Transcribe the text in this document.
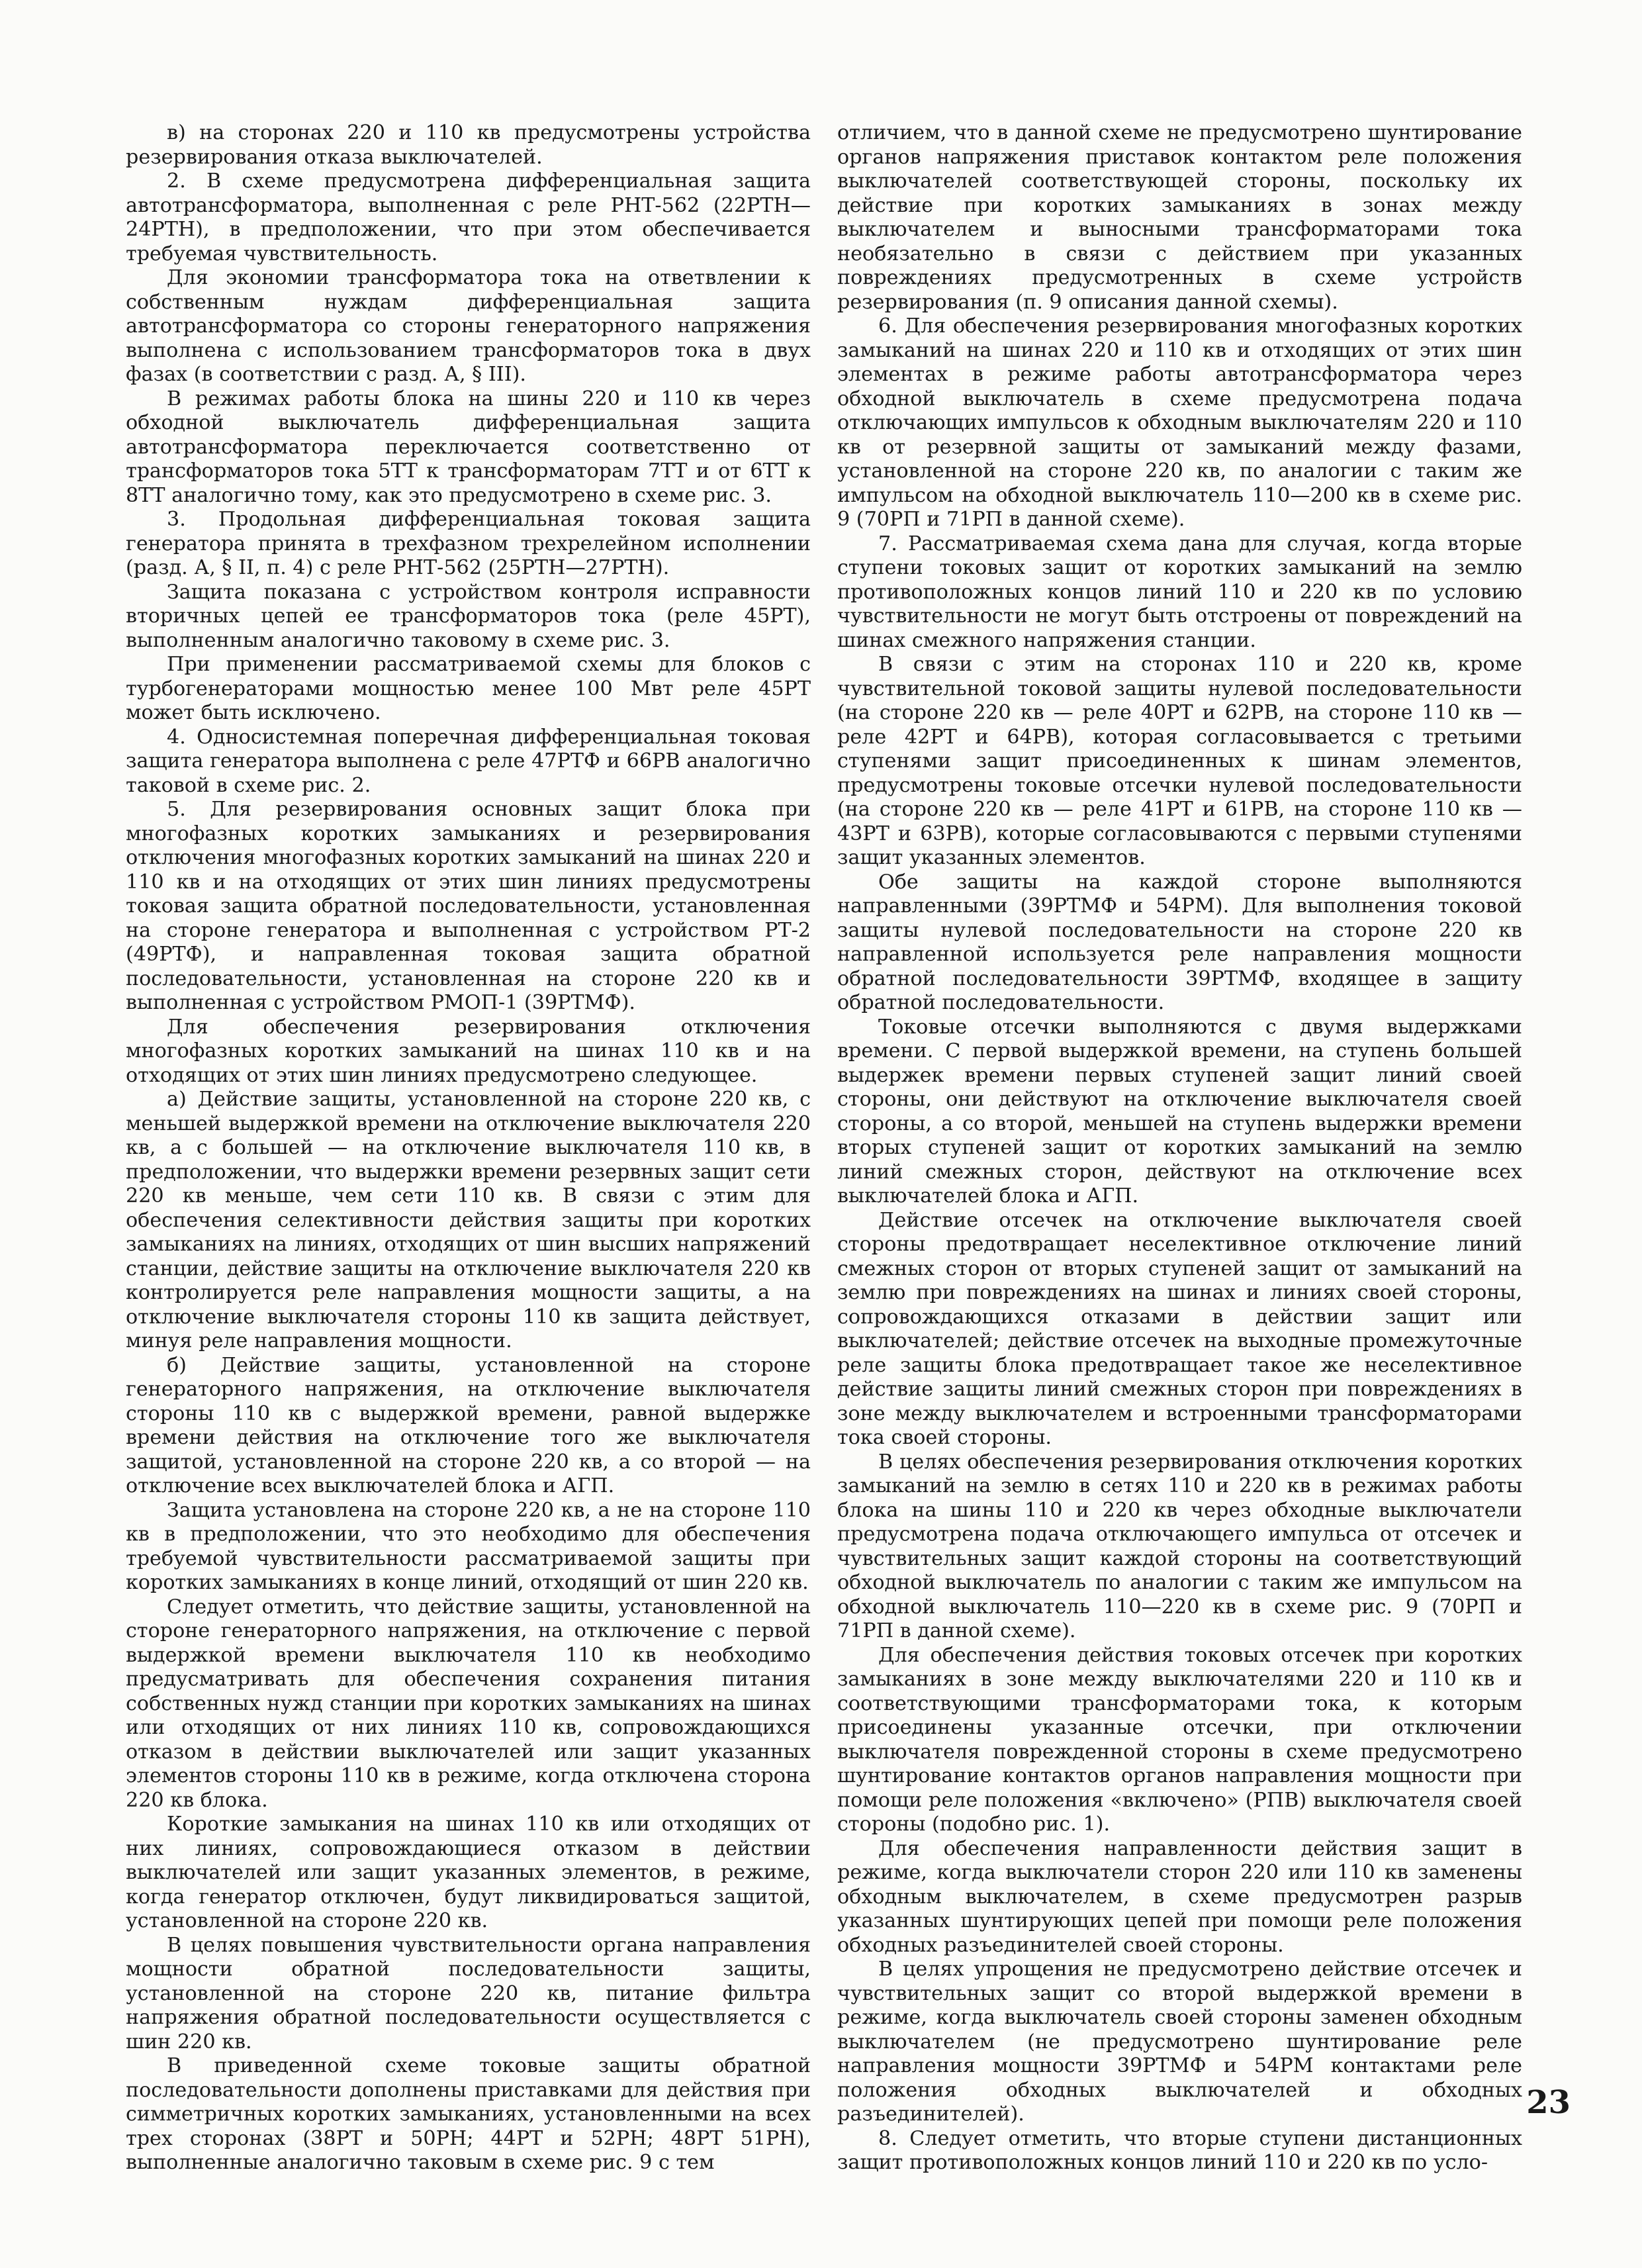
в) на сторонах 220 и 110 кв предусмотрены устройства резервирования отказа выключателей.

2. В схеме предусмотрена дифференциальная защита автотрансформатора, выполненная с реле РНТ-562 (22РТН—24РТН), в предположении, что при этом обеспечивается требуемая чувствительность.

Для экономии трансформатора тока на ответвлении к собственным нуждам дифференциальная защита автотрансформатора со стороны генераторного напряжения выполнена с использованием трансформаторов тока в двух фазах (в соответствии с разд. А, § III).

В режимах работы блока на шины 220 и 110 кв через обходной выключатель дифференциальная защита автотрансформатора переключается соответственно от трансформаторов тока 5ТТ к трансформаторам 7ТТ и от 6ТТ к 8ТТ аналогично тому, как это предусмотрено в схеме рис. 3.

3. Продольная дифференциальная токовая защита генератора принята в трехфазном трехрелейном исполнении (разд. А, § II, п. 4) с реле РНТ-562 (25РТН—27РТН).

Защита показана с устройством контроля исправности вторичных цепей ее трансформаторов тока (реле 45РТ), выполненным аналогично таковому в схеме рис. 3.

При применении рассматриваемой схемы для блоков с турбогенераторами мощностью менее 100 Мвт реле 45РТ может быть исключено.

4. Односистемная поперечная дифференциальная токовая защита генератора выполнена с реле 47РТФ и 66РВ аналогично таковой в схеме рис. 2.

5. Для резервирования основных защит блока при многофазных коротких замыканиях и резервирования отключения многофазных коротких замыканий на шинах 220 и 110 кв и на отходящих от этих шин линиях предусмотрены токовая защита обратной последовательности, установленная на стороне генератора и выполненная с устройством РТ-2 (49РТФ), и направленная токовая защита обратной последовательности, установленная на стороне 220 кв и выполненная с устройством РМОП-1 (39РТМФ).

Для обеспечения резервирования отключения многофазных коротких замыканий на шинах 110 кв и на отходящих от этих шин линиях предусмотрено следующее.

а) Действие защиты, установленной на стороне 220 кв, с меньшей выдержкой времени на отключение выключателя 220 кв, а с большей — на отключение выключателя 110 кв, в предположении, что выдержки времени резервных защит сети 220 кв меньше, чем сети 110 кв. В связи с этим для обеспечения селективности действия защиты при коротких замыканиях на линиях, отходящих от шин высших напряжений станции, действие защиты на отключение выключателя 220 кв контролируется реле направления мощности защиты, а на отключение выключателя стороны 110 кв защита действует, минуя реле направления мощности.

б) Действие защиты, установленной на стороне генераторного напряжения, на отключение выключателя стороны 110 кв с выдержкой времени, равной выдержке времени действия на отключение того же выключателя защитой, установленной на стороне 220 кв, а со второй — на отключение всех выключателей блока и АГП.

Защита установлена на стороне 220 кв, а не на стороне 110 кв в предположении, что это необходимо для обеспечения требуемой чувствительности рассматриваемой защиты при коротких замыканиях в конце линий, отходящий от шин 220 кв.

Следует отметить, что действие защиты, установленной на стороне генераторного напряжения, на отключение с первой выдержкой времени выключателя 110 кв необходимо предусматривать для обеспечения сохранения питания собственных нужд станции при коротких замыканиях на шинах или отходящих от них линиях 110 кв, сопровождающихся отказом в действии выключателей или защит указанных элементов стороны 110 кв в режиме, когда отключена сторона 220 кв блока.

Короткие замыкания на шинах 110 кв или отходящих от них линиях, сопровождающиеся отказом в действии выключателей или защит указанных элементов, в режиме, когда генератор отключен, будут ликвидироваться защитой, установленной на стороне 220 кв.

В целях повышения чувствительности органа направления мощности обратной последовательности защиты, установленной на стороне 220 кв, питание фильтра напряжения обратной последовательности осуществляется с шин 220 кв.

В приведенной схеме токовые защиты обратной последовательности дополнены приставками для действия при симметричных коротких замыканиях, установленными на всех трех сторонах (38РТ и 50РН; 44РТ и 52РН; 48РТ 51РН), выполненные аналогично таковым в схеме рис. 9 с тем

отличием, что в данной схеме не предусмотрено шунтирование органов напряжения приставок контактом реле положения выключателей соответствующей стороны, поскольку их действие при коротких замыканиях в зонах между выключателем и выносными трансформаторами тока необязательно в связи с действием при указанных повреждениях предусмотренных в схеме устройств резервирования (п. 9 описания данной схемы).

6. Для обеспечения резервирования многофазных коротких замыканий на шинах 220 и 110 кв и отходящих от этих шин элементах в режиме работы автотрансформатора через обходной выключатель в схеме предусмотрена подача отключающих импульсов к обходным выключателям 220 и 110 кв от резервной защиты от замыканий между фазами, установленной на стороне 220 кв, по аналогии с таким же импульсом на обходной выключатель 110—200 кв в схеме рис. 9 (70РП и 71РП в данной схеме).

7. Рассматриваемая схема дана для случая, когда вторые ступени токовых защит от коротких замыканий на землю противоположных концов линий 110 и 220 кв по условию чувствительности не могут быть отстроены от повреждений на шинах смежного напряжения станции.

В связи с этим на сторонах 110 и 220 кв, кроме чувствительной токовой защиты нулевой последовательности (на стороне 220 кв — реле 40РТ и 62РВ, на стороне 110 кв — реле 42РТ и 64РВ), которая согласовывается с третьими ступенями защит присоединенных к шинам элементов, предусмотрены токовые отсечки нулевой последовательности (на стороне 220 кв — реле 41РТ и 61РВ, на стороне 110 кв — 43РТ и 63РВ), которые согласовываются с первыми ступенями защит указанных элементов.

Обе защиты на каждой стороне выполняются направленными (39РТМФ и 54РМ). Для выполнения токовой защиты нулевой последовательности на стороне 220 кв направленной используется реле направления мощности обратной последовательности 39РТМФ, входящее в защиту обратной последовательности.

Токовые отсечки выполняются с двумя выдержками времени. С первой выдержкой времени, на ступень большей выдержек времени первых ступеней защит линий своей стороны, они действуют на отключение выключателя своей стороны, а со второй, меньшей на ступень выдержки времени вторых ступеней защит от коротких замыканий на землю линий смежных сторон, действуют на отключение всех выключателей блока и АГП.

Действие отсечек на отключение выключателя своей стороны предотвращает неселективное отключение линий смежных сторон от вторых ступеней защит от замыканий на землю при повреждениях на шинах и линиях своей стороны, сопровождающихся отказами в действии защит или выключателей; действие отсечек на выходные промежуточные реле защиты блока предотвращает такое же неселективное действие защиты линий смежных сторон при повреждениях в зоне между выключателем и встроенными трансформаторами тока своей стороны.

В целях обеспечения резервирования отключения коротких замыканий на землю в сетях 110 и 220 кв в режимах работы блока на шины 110 и 220 кв через обходные выключатели предусмотрена подача отключающего импульса от отсечек и чувствительных защит каждой стороны на соответствующий обходной выключатель по аналогии с таким же импульсом на обходной выключатель 110—220 кв в схеме рис. 9 (70РП и 71РП в данной схеме).

Для обеспечения действия токовых отсечек при коротких замыканиях в зоне между выключателями 220 и 110 кв и соответствующими трансформаторами тока, к которым присоединены указанные отсечки, при отключении выключателя поврежденной стороны в схеме предусмотрено шунтирование контактов органов направления мощности при помощи реле положения «включено» (РПВ) выключателя своей стороны (подобно рис. 1).

Для обеспечения направленности действия защит в режиме, когда выключатели сторон 220 или 110 кв заменены обходным выключателем, в схеме предусмотрен разрыв указанных шунтирующих цепей при помощи реле положения обходных разъединителей своей стороны.

В целях упрощения не предусмотрено действие отсечек и чувствительных защит со второй выдержкой времени в режиме, когда выключатель своей стороны заменен обходным выключателем (не предусмотрено шунтирование реле направления мощности 39РТМФ и 54РМ контактами реле положения обходных выключателей и обходных разъединителей).

8. Следует отметить, что вторые ступени дистанционных защит противоположных концов линий 110 и 220 кв по усло-

23
